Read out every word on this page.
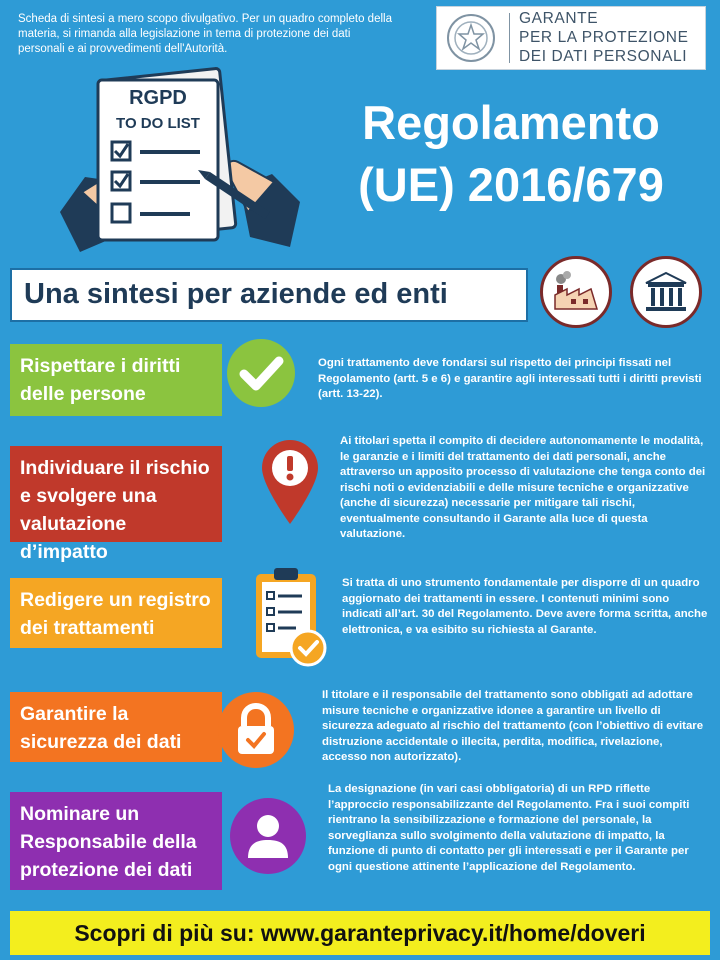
Scheda di sintesi a mero scopo divulgativo. Per un quadro completo della materia, si rimanda alla legislazione in tema di protezione dei dati personali e ai provvedimenti dell'Autorità.
GARANTE
PER LA PROTEZIONE
DEI DATI PERSONALI
RGPD
TO DO LIST	Regolamento
(UE) 2016/679
Una sintesi per aziende ed enti
Rispettare i diritti
delle persone
Ogni trattamento deve fondarsi sul rispetto dei principi fissati nel Regolamento (artt. 5 e 6) e garantire agli interessati tutti i diritti previsti (artt. 13-22).
Individuare il rischio
e svolgere una
valutazione d’impatto
Ai titolari spetta il compito di decidere autonomamente le modalità, le garanzie e i limiti del trattamento dei dati personali, anche attraverso un apposito processo di valutazione che tenga conto dei rischi noti o evidenziabili e delle misure tecniche e organizzative (anche di sicurezza) necessarie per mitigare tali rischi, eventualmente consultando il Garante alla luce di questa valutazione.
Redigere un registro
dei trattamenti
Si tratta di uno strumento fondamentale per disporre di un quadro aggiornato dei trattamenti in essere. I contenuti minimi sono indicati all’art. 30 del Regolamento. Deve avere forma scritta, anche elettronica, e va esibito su richiesta al Garante.
Garantire la
sicurezza dei dati
Il titolare e il responsabile del trattamento sono obbligati ad adottare misure tecniche e organizzative idonee a garantire un livello di sicurezza adeguato al rischio del trattamento (con l’obiettivo di evitare distruzione accidentale o illecita, perdita, modifica, rivelazione, accesso non autorizzato).
Nominare un
Responsabile della
protezione dei dati
La designazione (in vari casi obbligatoria) di un RPD riflette l’approccio responsabilizzante del Regolamento. Fra i suoi compiti rientrano la sensibilizzazione e formazione del personale, la sorveglianza sullo svolgimento della valutazione di impatto, la funzione di punto di contatto per gli interessati e per il Garante per ogni questione attinente l’applicazione del Regolamento.
Scopri di più su: www.garanteprivacy.it/home/doveri
